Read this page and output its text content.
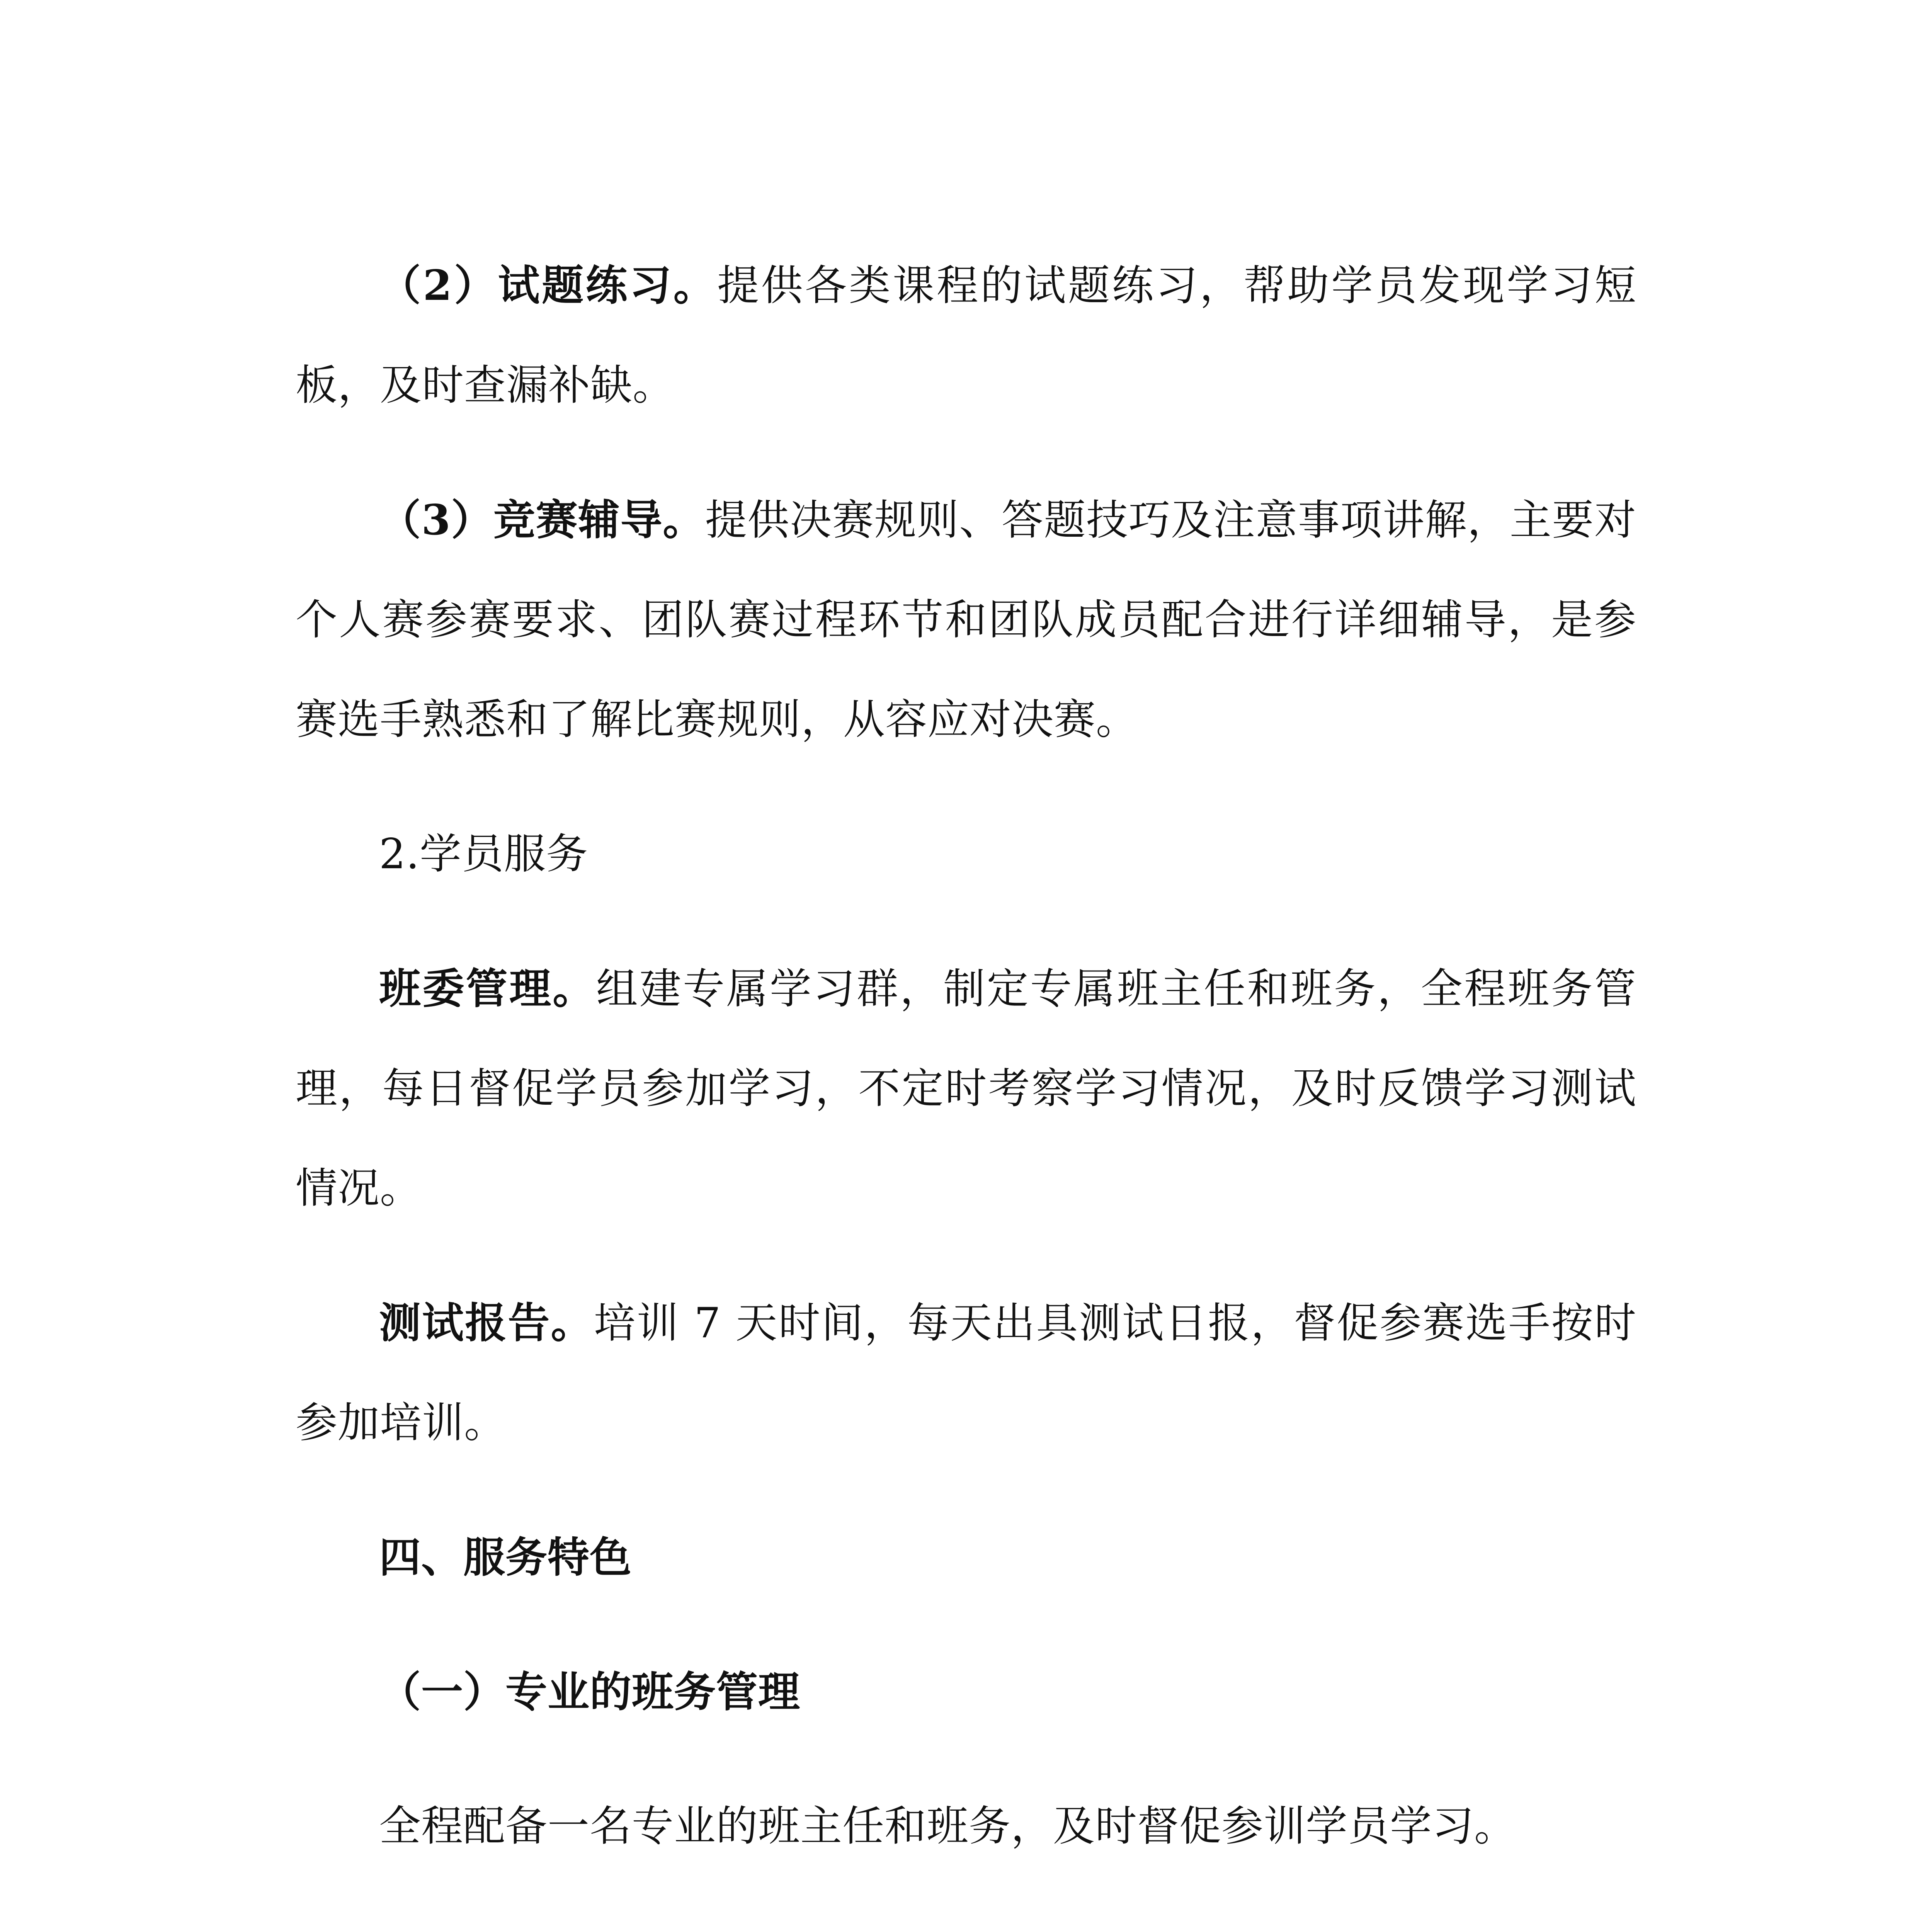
（2）试题练习。提供各类课程的试题练习，帮助学员发现学习短板，及时查漏补缺。

（3）竞赛辅导。提供决赛规则、答题技巧及注意事项讲解，主要对个人赛参赛要求、团队赛过程环节和团队成员配合进行详细辅导，是参赛选手熟悉和了解比赛规则，从容应对决赛。

2.学员服务

班委管理。组建专属学习群，制定专属班主任和班务，全程班务管理，每日督促学员参加学习，不定时考察学习情况，及时反馈学习测试情况。

测试报告。培训 7 天时间，每天出具测试日报，督促参赛选手按时参加培训。

四、服务特色

（一）专业的班务管理

全程配备一名专业的班主任和班务，及时督促参训学员学习。
